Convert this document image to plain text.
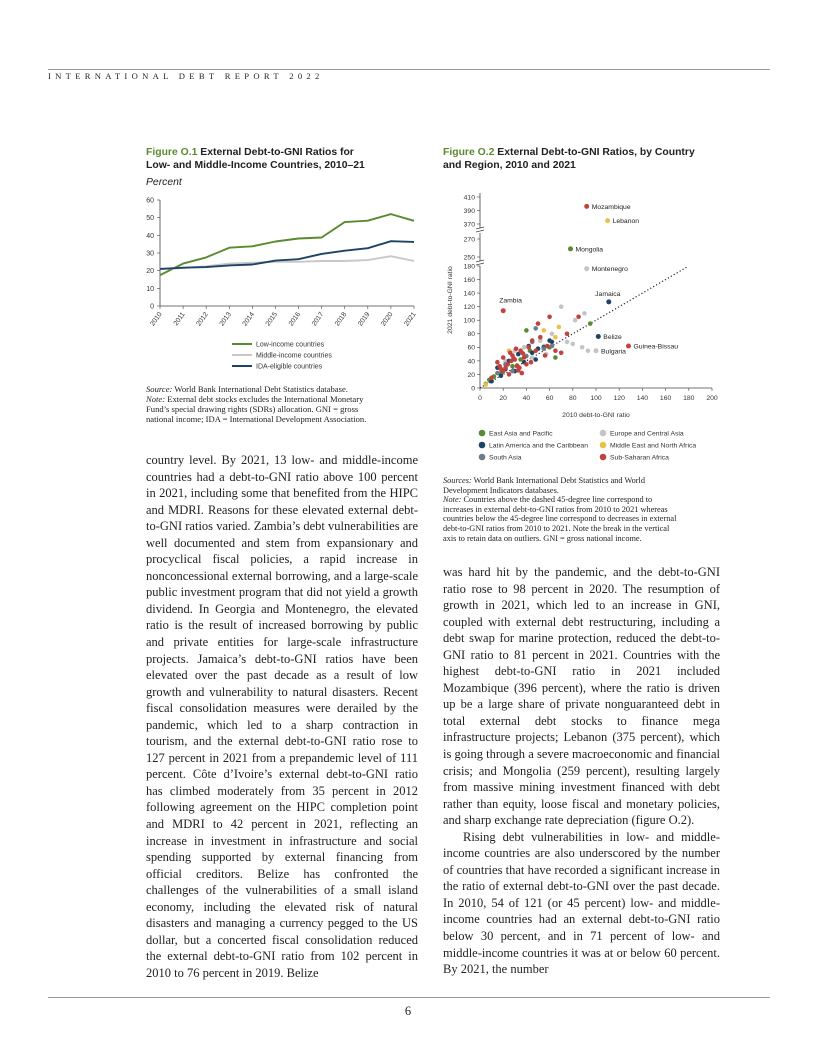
INTERNATIONAL DEBT REPORT 2022
Figure O.1 External Debt-to-GNI Ratios for
Low- and Middle-Income Countries, 2010–21
Percent
0
10
20
30
40
50
60
2010 2011 2012 2013 2014 2015 2016 2017 2018 2019 2020 2021
Low-income countries
Middle-income countries
IDA-eligible countries
Source: World Bank International Debt Statistics database.
Note: External debt stocks excludes the International Monetary
Fund’s special drawing rights (SDRs) allocation. GNI = gross
national income; IDA = International Development Association.
Figure O.2 External Debt-to-GNI Ratios, by Country
and Region, 2010 and 2021
2021 debt-to-GNI ratio
2010 debt-to-GNI ratio
0
20
40
60
80
100
120
140
160
180
250
270
370
390
410
0	20 40 60 80 100 120 140 160 180 200
Mozambique
Lebanon
Mongolia
Montenegro
Jamaica
Zambia
Belize
Guinea-Bissau
Bulgaria
East Asia and Pacific	Europe and Central Asia
Latin America and the Caribbean	Middle East and North Africa
South Asia	Sub-Saharan Africa
Sources: World Bank International Debt Statistics and World
Development Indicators databases.
Note: Countries above the dashed 45-degree line correspond to
increases in external debt-to-GNI ratios from 2010 to 2021 whereas
countries below the 45-degree line correspond to decreases in external
debt-to-GNI ratios from 2010 to 2021. Note the break in the vertical
axis to retain data on outliers. GNI = gross national income.

country level. By 2021, 13 low- and middle-income countries had a debt-to-GNI ratio above 100 percent in 2021, including some that benefited from the HIPC and MDRI. Reasons for these elevated external debt-to-GNI ratios varied. Zambia’s debt vulnerabilities are well documented and stem from expansionary and procyclical fiscal policies, a rapid increase in nonconcessional external borrowing, and a large-scale public investment program that did not yield a growth dividend. In Georgia and Montenegro, the elevated ratio is the result of increased borrowing by public and private entities for large-scale infrastructure projects. Jamaica’s debt-to-GNI ratios have been elevated over the past decade as a result of low growth and vulnerability to natural disasters. Recent fiscal consolidation measures were derailed by the pandemic, which led to a sharp contraction in tourism, and the external debt-to-GNI ratio rose to 127 percent in 2021 from a prepandemic level of 111 percent. Côte d’Ivoire’s external debt-to-GNI ratio has climbed moderately from 35 percent in 2012 following agreement on the HIPC completion point and MDRI to 42 percent in 2021, reflecting an increase in investment in infrastructure and social spending supported by external financing from official creditors. Belize has confronted the challenges of the vulnerabilities of a small island economy, including the elevated risk of natural disasters and managing a currency pegged to the US dollar, but a concerted fiscal consolidation reduced the external debt-to-GNI ratio from 102 percent in 2010 to 76 percent in 2019. Belize

was hard hit by the pandemic, and the debt-to-GNI ratio rose to 98 percent in 2020. The resumption of growth in 2021, which led to an increase in GNI, coupled with external debt restructuring, including a debt swap for marine protection, reduced the debt-to-GNI ratio to 81 percent in 2021. Countries with the highest debt-to-GNI ratio in 2021 included Mozambique (396 percent), where the ratio is driven up be a large share of private nonguaranteed debt in total external debt stocks to finance mega infrastructure projects; Lebanon (375 percent), which is going through a severe macroeconomic and financial crisis; and Mongolia (259 percent), resulting largely from massive mining investment financed with debt rather than equity, loose fiscal and monetary policies, and sharp exchange rate depreciation (figure O.2).

Rising debt vulnerabilities in low- and middle-income countries are also underscored by the number of countries that have recorded a significant increase in the ratio of external debt-to-GNI over the past decade. In 2010, 54 of 121 (or 45 percent) low- and middle-income countries had an external debt-to-GNI ratio below 30 percent, and in 71 percent of low- and middle-income countries it was at or below 60 percent. By 2021, the number

6
